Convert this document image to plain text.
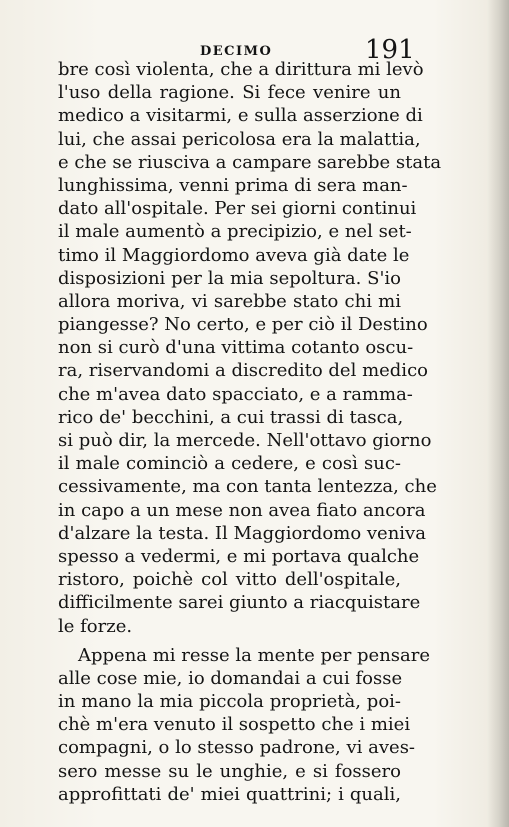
DECIMO	191
bre così violenta, che a dirittura mi levò
l'uso della ragione. Si fece venire un
medico a visitarmi, e sulla asserzione di
lui, che assai pericolosa era la malattia,
e che se riusciva a campare sarebbe stata
lunghissima, venni prima di sera man-
dato all'ospitale. Per sei giorni continui
il male aumentò a precipizio, e nel set-
timo il Maggiordomo aveva già date le
disposizioni per la mia sepoltura. S'io
allora moriva, vi sarebbe stato chi mi
piangesse? No certo, e per ciò il Destino
non si curò d'una vittima cotanto oscu-
ra, riservandomi a discredito del medico
che m'avea dato spacciato, e a ramma-
rico de' becchini, a cui trassi di tasca,
si può dir, la mercede. Nell'ottavo giorno
il male cominciò a cedere, e così suc-
cessivamente, ma con tanta lentezza, che
in capo a un mese non avea fiato ancora
d'alzare la testa. Il Maggiordomo veniva
spesso a vedermi, e mi portava qualche
ristoro, poichè col vitto dell'ospitale,
difficilmente sarei giunto a riacquistare
le forze.
Appena mi resse la mente per pensare
alle cose mie, io domandai a cui fosse
in mano la mia piccola proprietà, poi-
chè m'era venuto il sospetto che i miei
compagni, o lo stesso padrone, vi aves-
sero messe su le unghie, e si fossero
approfittati de' miei quattrini; i quali,
